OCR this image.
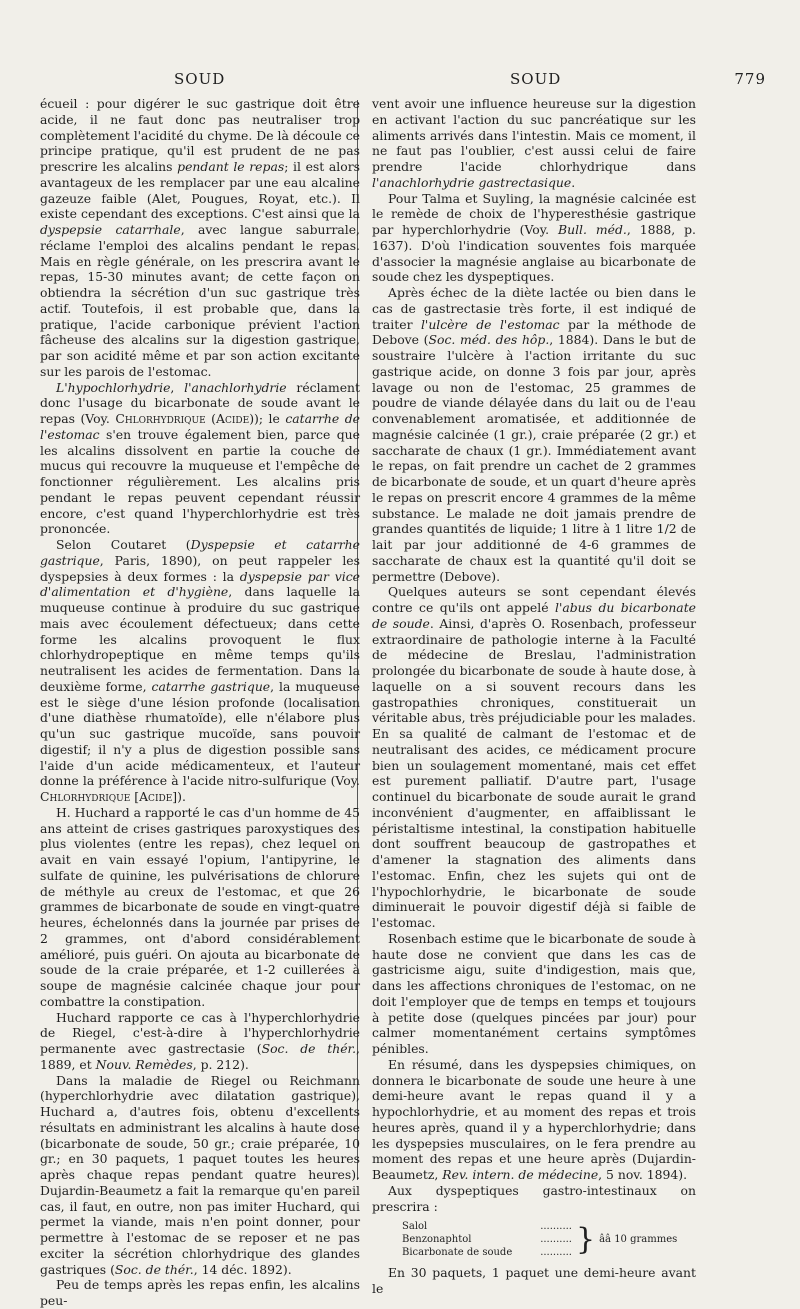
SOUD	SOUD	779

écueil : pour digérer le suc gastrique doit être acide, il ne faut donc pas neutraliser trop complètement l'acidité du chyme. De là découle ce principe pratique, qu'il est prudent de ne pas prescrire les alcalins pendant le repas; il est alors avantageux de les remplacer par une eau alcaline gazeuze faible (Alet, Pougues, Royat, etc.). Il existe cependant des exceptions. C'est ainsi que la dyspepsie catarrhale, avec langue saburrale, réclame l'emploi des alcalins pendant le repas. Mais en règle générale, on les prescrira avant le repas, 15-30 minutes avant; de cette façon on obtiendra la sécrétion d'un suc gastrique très actif. Toutefois, il est probable que, dans la pratique, l'acide carbonique prévient l'action fâcheuse des alcalins sur la digestion gastrique, par son acidité même et par son action excitante sur les parois de l'estomac.

L'hypochlorhydrie, l'anachlorhydrie réclament donc l'usage du bicarbonate de soude avant le repas (Voy. Chlorhydrique (Acide)); le catarrhe de l'estomac s'en trouve également bien, parce que les alcalins dissolvent en partie la couche de mucus qui recouvre la muqueuse et l'empêche de fonctionner régulièrement. Les alcalins pris pendant le repas peuvent cependant réussir encore, c'est quand l'hyperchlorhydrie est très prononcée.

Selon Coutaret (Dyspepsie et catarrhe gastrique, Paris, 1890), on peut rappeler les dyspepsies à deux formes : la dyspepsie par vice d'alimentation et d'hygiène, dans laquelle la muqueuse continue à produire du suc gastrique mais avec écoulement défectueux; dans cette forme les alcalins provoquent le flux chlorhydropeptique en même temps qu'ils neutralisent les acides de fermentation. Dans la deuxième forme, catarrhe gastrique, la muqueuse est le siège d'une lésion profonde (localisation d'une diathèse rhumatoïde), elle n'élabore plus qu'un suc gastrique mucoïde, sans pouvoir digestif; il n'y a plus de digestion possible sans l'aide d'un acide médicamenteux, et l'auteur donne la préférence à l'acide nitro-sulfurique (Voy. Chlorhydrique [Acide]).

H. Huchard a rapporté le cas d'un homme de 45 ans atteint de crises gastriques paroxystiques des plus violentes (entre les repas), chez lequel on avait en vain essayé l'opium, l'antipyrine, le sulfate de quinine, les pulvérisations de chlorure de méthyle au creux de l'estomac, et que 26 grammes de bicarbonate de soude en vingt-quatre heures, échelonnés dans la journée par prises de 2 grammes, ont d'abord considérablement amélioré, puis guéri. On ajouta au bicarbonate de soude de la craie préparée, et 1-2 cuillerées à soupe de magnésie calcinée chaque jour pour combattre la constipation.

Huchard rapporte ce cas à l'hyperchlorhydrie de Riegel, c'est-à-dire à l'hyperchlorhydrie permanente avec gastrectasie (Soc. de thér., 1889, et Nouv. Remèdes, p. 212).

Dans la maladie de Riegel ou Reichmann (hyperchlorhydrie avec dilatation gastrique), Huchard a, d'autres fois, obtenu d'excellents résultats en administrant les alcalins à haute dose (bicarbonate de soude, 50 gr.; craie préparée, 10 gr.; en 30 paquets, 1 paquet toutes les heures après chaque repas pendant quatre heures). Dujardin-Beaumetz a fait la remarque qu'en pareil cas, il faut, en outre, non pas imiter Huchard, qui permet la viande, mais n'en point donner, pour permettre à l'estomac de se reposer et ne pas exciter la sécrétion chlorhydrique des glandes gastriques (Soc. de thér., 14 déc. 1892).

Peu de temps après les repas enfin, les alcalins peu-

vent avoir une influence heureuse sur la digestion en activant l'action du suc pancréatique sur les aliments arrivés dans l'intestin. Mais ce moment, il ne faut pas l'oublier, c'est aussi celui de faire prendre l'acide chlorhydrique dans l'anachlorhydrie gastrectasique.

Pour Talma et Suyling, la magnésie calcinée est le remède de choix de l'hyperesthésie gastrique par hyperchlorhydrie (Voy. Bull. méd., 1888, p. 1637). D'où l'indication souventes fois marquée d'associer la magnésie anglaise au bicarbonate de soude chez les dyspeptiques.

Après échec de la diète lactée ou bien dans le cas de gastrectasie très forte, il est indiqué de traiter l'ulcère de l'estomac par la méthode de Debove (Soc. méd. des hôp., 1884). Dans le but de soustraire l'ulcère à l'action irritante du suc gastrique acide, on donne 3 fois par jour, après lavage ou non de l'estomac, 25 grammes de poudre de viande délayée dans du lait ou de l'eau convenablement aromatisée, et additionnée de magnésie calcinée (1 gr.), craie préparée (2 gr.) et saccharate de chaux (1 gr.). Immédiatement avant le repas, on fait prendre un cachet de 2 grammes de bicarbonate de soude, et un quart d'heure après le repas on prescrit encore 4 grammes de la même substance. Le malade ne doit jamais prendre de grandes quantités de liquide; 1 litre à 1 litre 1/2 de lait par jour additionné de 4-6 grammes de saccharate de chaux est la quantité qu'il doit se permettre (Debove).

Quelques auteurs se sont cependant élevés contre ce qu'ils ont appelé l'abus du bicarbonate de soude. Ainsi, d'après O. Rosenbach, professeur extraordinaire de pathologie interne à la Faculté de médecine de Breslau, l'administration prolongée du bicarbonate de soude à haute dose, à laquelle on a si souvent recours dans les gastropathies chroniques, constituerait un véritable abus, très préjudiciable pour les malades. En sa qualité de calmant de l'estomac et de neutralisant des acides, ce médicament procure bien un soulagement momentané, mais cet effet est purement palliatif. D'autre part, l'usage continuel du bicarbonate de soude aurait le grand inconvénient d'augmenter, en affaiblissant le péristaltisme intestinal, la constipation habituelle dont souffrent beaucoup de gastropathes et d'amener la stagnation des aliments dans l'estomac. Enfin, chez les sujets qui ont de l'hypochlorhydrie, le bicarbonate de soude diminuerait le pouvoir digestif déjà si faible de l'estomac.

Rosenbach estime que le bicarbonate de soude à haute dose ne convient que dans les cas de gastricisme aigu, suite d'indigestion, mais que, dans les affections chroniques de l'estomac, on ne doit l'employer que de temps en temps et toujours à petite dose (quelques pincées par jour) pour calmer momentanément certains symptômes pénibles.

En résumé, dans les dyspepsies chimiques, on donnera le bicarbonate de soude une heure à une demi-heure avant le repas quand il y a hypochlorhydrie, et au moment des repas et trois heures après, quand il y a hyperchlorhydrie; dans les dyspepsies musculaires, on le fera prendre au moment des repas et une heure après (Dujardin-Beaumetz, Rev. intern. de médecine, 5 nov. 1894).

Aux dyspeptiques gastro-intestinaux on prescrira :

Salol	..........
Benzonaphtol	..........
Bicarbonate de soude	.......... } ââ 10 grammes

En 30 paquets, 1 paquet une demi-heure avant le
